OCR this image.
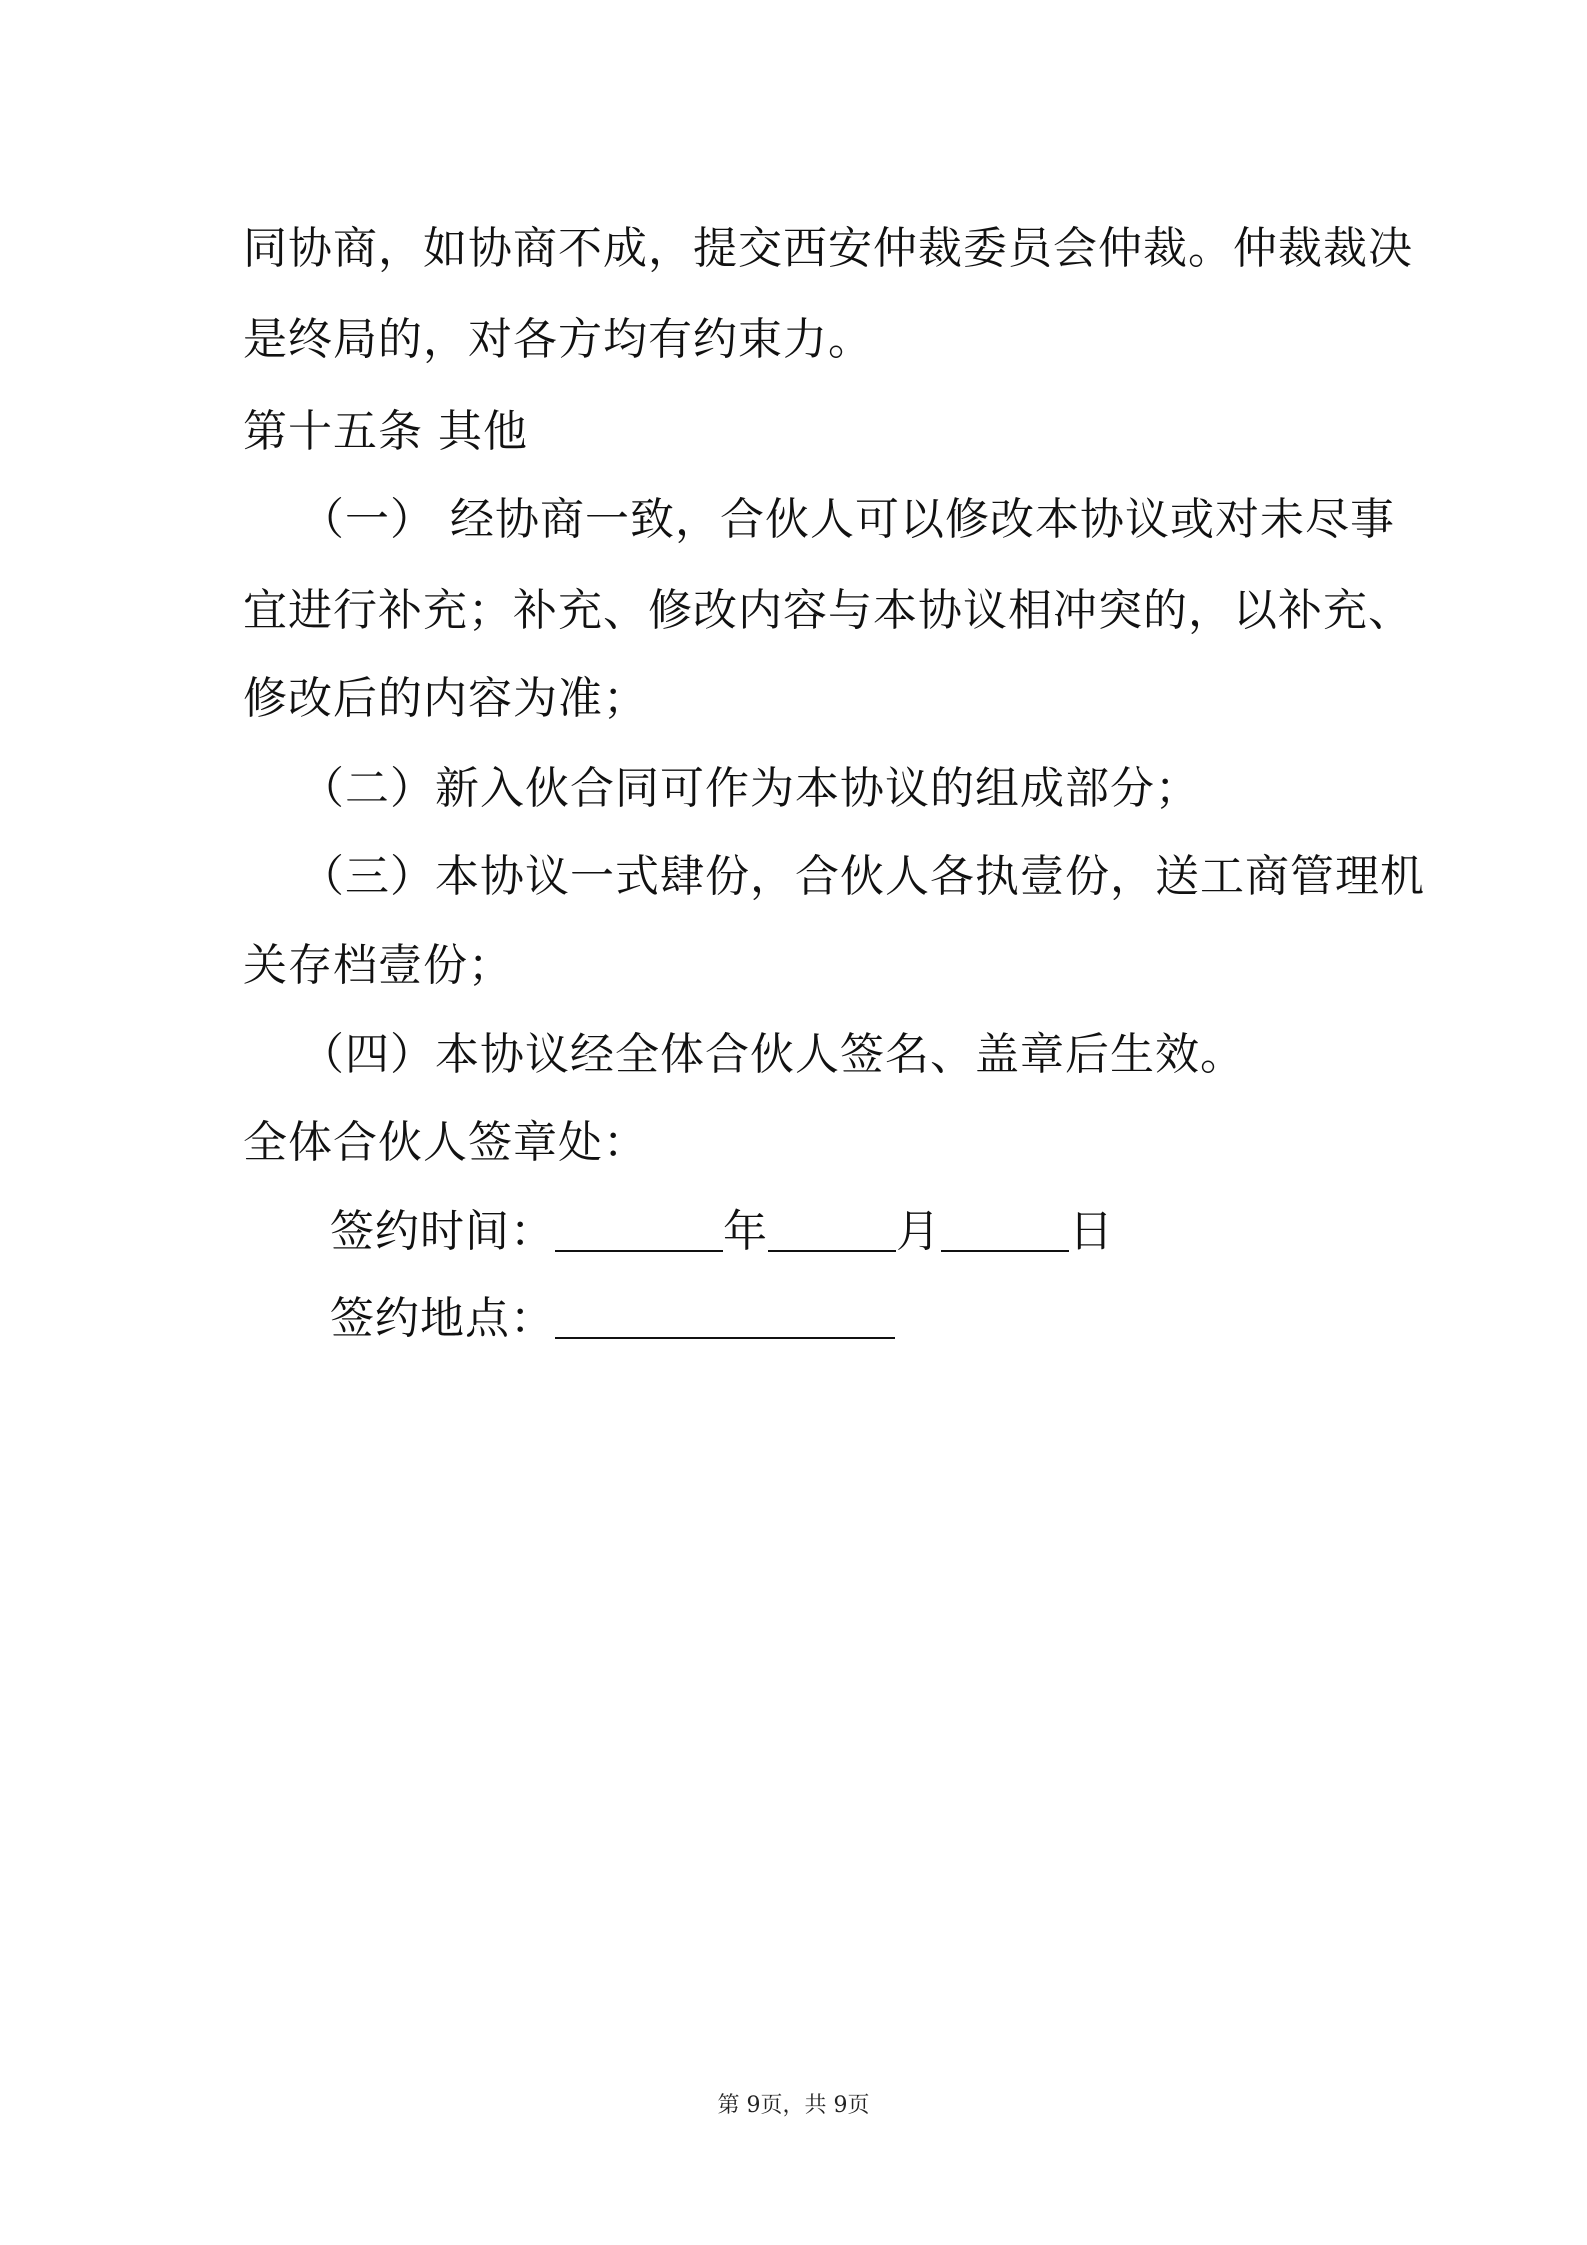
同协商，如协商不成，提交西安仲裁委员会仲裁。仲裁裁决
是终局的，对各方均有约束力。
第十五条 其他
（一） 经协商一致，合伙人可以修改本协议或对未尽事
宜进行补充；补充、修改内容与本协议相冲突的，以补充、
修改后的内容为准；
（二）新入伙合同可作为本协议的组成部分；
（三）本协议一式肆份，合伙人各执壹份，送工商管理机
关存档壹份；
（四）本协议经全体合伙人签名、盖章后生效。
全体合伙人签章处：
签约时间：	年	月	日
签约地点：
第 9页，共 9页
